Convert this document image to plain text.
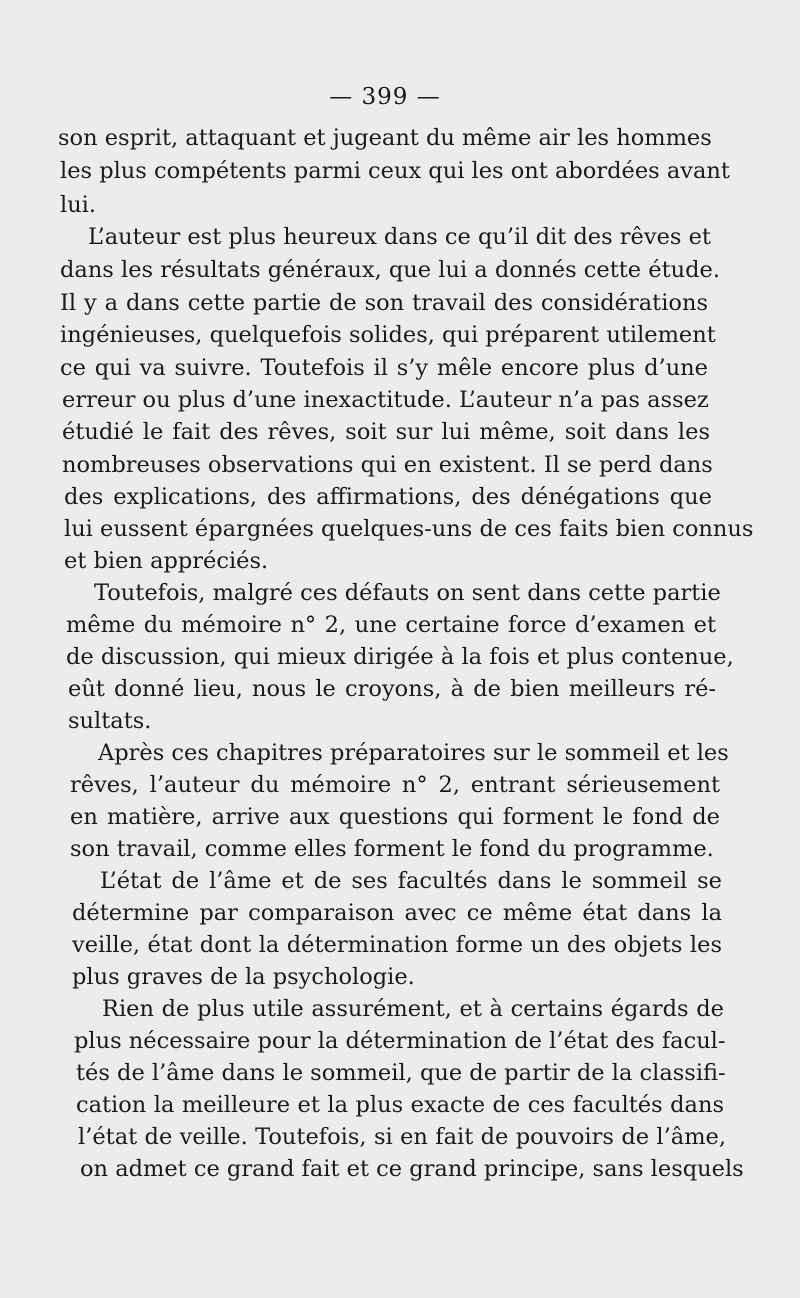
— 399 —
son esprit, attaquant et jugeant du même air les hommes
les plus compétents parmi ceux qui les ont abordées avant
lui.
L’auteur est plus heureux dans ce qu’il dit des rêves et
dans les résultats généraux, que lui a donnés cette étude.
Il y a dans cette partie de son travail des considérations
ingénieuses, quelquefois solides, qui préparent utilement
ce qui va suivre. Toutefois il s’y mêle encore plus d’une
erreur ou plus d’une inexactitude. L’auteur n’a pas assez
étudié le fait des rêves, soit sur lui même, soit dans les
nombreuses observations qui en existent. Il se perd dans
des explications, des affirmations, des dénégations que
lui eussent épargnées quelques-uns de ces faits bien connus
et bien appréciés.
Toutefois, malgré ces défauts on sent dans cette partie
même du mémoire n° 2, une certaine force d’examen et
de discussion, qui mieux dirigée à la fois et plus contenue,
eût donné lieu, nous le croyons, à de bien meilleurs ré-
sultats.
Après ces chapitres préparatoires sur le sommeil et les
rêves, l’auteur du mémoire n° 2, entrant sérieusement
en matière, arrive aux questions qui forment le fond de
son travail, comme elles forment le fond du programme.
L’état de l’âme et de ses facultés dans le sommeil se
détermine par comparaison avec ce même état dans la
veille, état dont la détermination forme un des objets les
plus graves de la psychologie.
Rien de plus utile assurément, et à certains égards de
plus nécessaire pour la détermination de l’état des facul-
tés de l’âme dans le sommeil, que de partir de la classifi-
cation la meilleure et la plus exacte de ces facultés dans
l’état de veille. Toutefois, si en fait de pouvoirs de l’âme,
on admet ce grand fait et ce grand principe, sans lesquels
